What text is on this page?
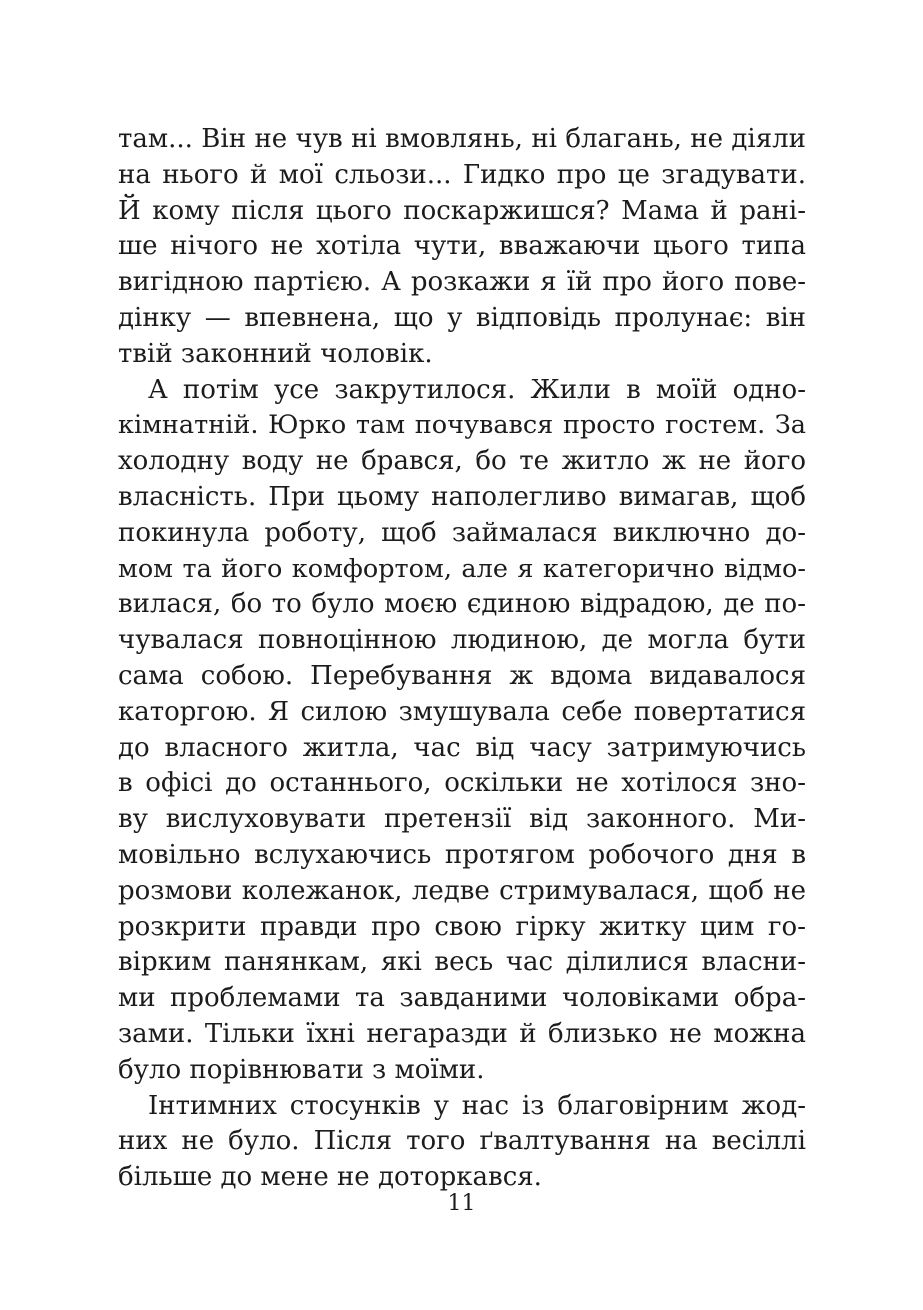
там... Він не чув ні вмовлянь, ні благань, не діяли
на нього й мої сльози... Гидко про це згадувати.
Й кому після цього поскаржишся? Мама й рані-
ше нічого не хотіла чути, вважаючи цього типа
вигідною партією. А розкажи я їй про його пове-
дінку — впевнена, що у відповідь пролунає: він
твій законний чоловік.
А потім усе закрутилося. Жили в моїй одно-
кімнатній. Юрко там почувався просто гостем. За
холодну воду не брався, бо те житло ж не його
власність. При цьому наполегливо вимагав, щоб
покинула роботу, щоб займалася виключно до-
мом та його комфортом, але я категорично відмо-
вилася, бо то було моєю єдиною відрадою, де по-
чувалася повноцінною людиною, де могла бути
сама собою. Перебування ж вдома видавалося
каторгою. Я силою змушувала себе повертатися
до власного житла, час від часу затримуючись
в офісі до останнього, оскільки не хотілося зно-
ву вислуховувати претензії від законного. Ми-
мовільно вслухаючись протягом робочого дня в
розмови колежанок, ледве стримувалася, щоб не
розкрити правди про свою гірку житку цим го-
вірким панянкам, які весь час ділилися власни-
ми проблемами та завданими чоловіками обра-
зами. Тільки їхні негаразди й близько не можна
було порівнювати з моїми.
Інтимних стосунків у нас із благовірним жод-
них не було. Після того ґвалтування на весіллі
більше до мене не доторкався.
11
